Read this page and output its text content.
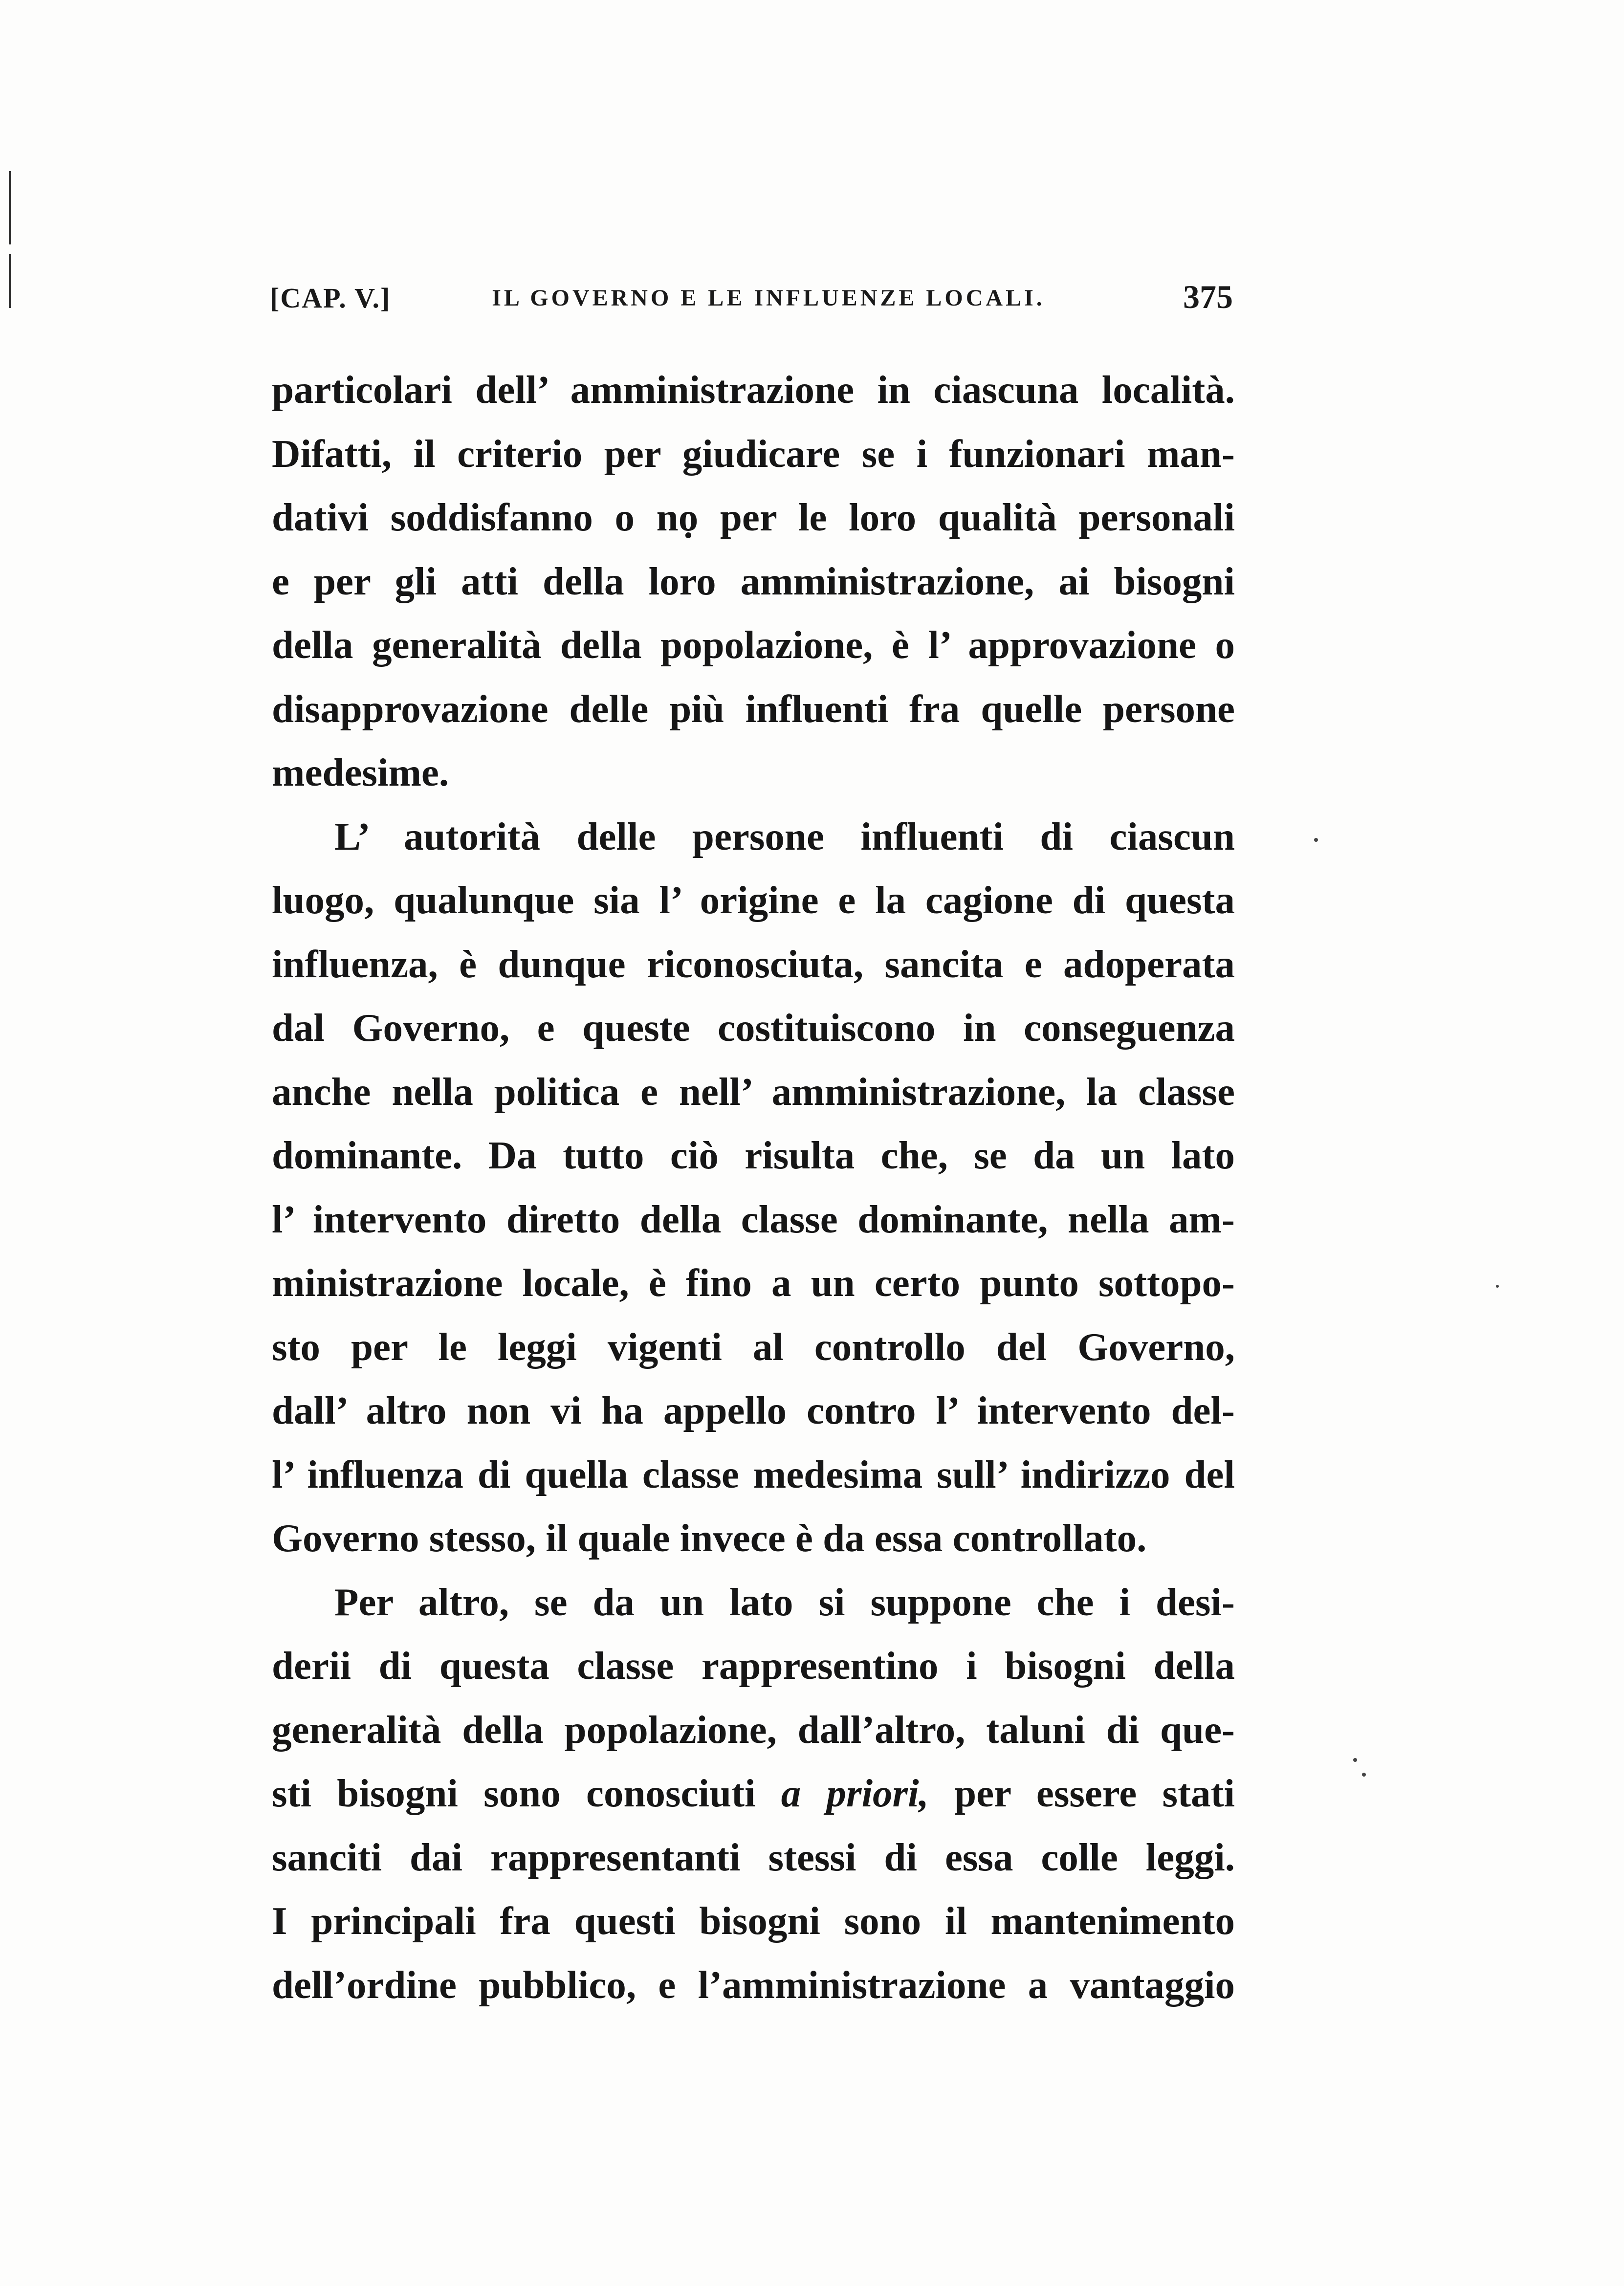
[CAP. V.]	IL GOVERNO E LE INFLUENZE LOCALI.	375

particolari dell’ amministrazione in ciascuna località.
Difatti, il criterio per giudicare se i funzionari man-
dativi soddisfanno o nọ per le loro qualità personali
e per gli atti della loro amministrazione, ai bisogni
della generalità della popolazione, è l’ approvazione o
disapprovazione delle più influenti fra quelle persone
medesime.

L’ autorità delle persone influenti di ciascun
luogo, qualunque sia l’ origine e la cagione di questa
influenza, è dunque riconosciuta, sancita e adoperata
dal Governo, e queste costituiscono in conseguenza
anche nella politica e nell’ amministrazione, la classe
dominante. Da tutto ciò risulta che, se da un lato
l’ intervento diretto della classe dominante, nella am-
ministrazione locale, è fino a un certo punto sottopo-
sto per le leggi vigenti al controllo del Governo,
dall’ altro non vi ha appello contro l’ intervento del-
l’ influenza di quella classe medesima sull’ indirizzo del
Governo stesso, il quale invece è da essa controllato.

Per altro, se da un lato si suppone che i desi-
derii di questa classe rappresentino i bisogni della
generalità della popolazione, dall’altro, taluni di que-
sti bisogni sono conosciuti a priori, per essere stati
sanciti dai rappresentanti stessi di essa colle leggi.
I principali fra questi bisogni sono il mantenimento
dell’ordine pubblico, e l’amministrazione a vantaggio
